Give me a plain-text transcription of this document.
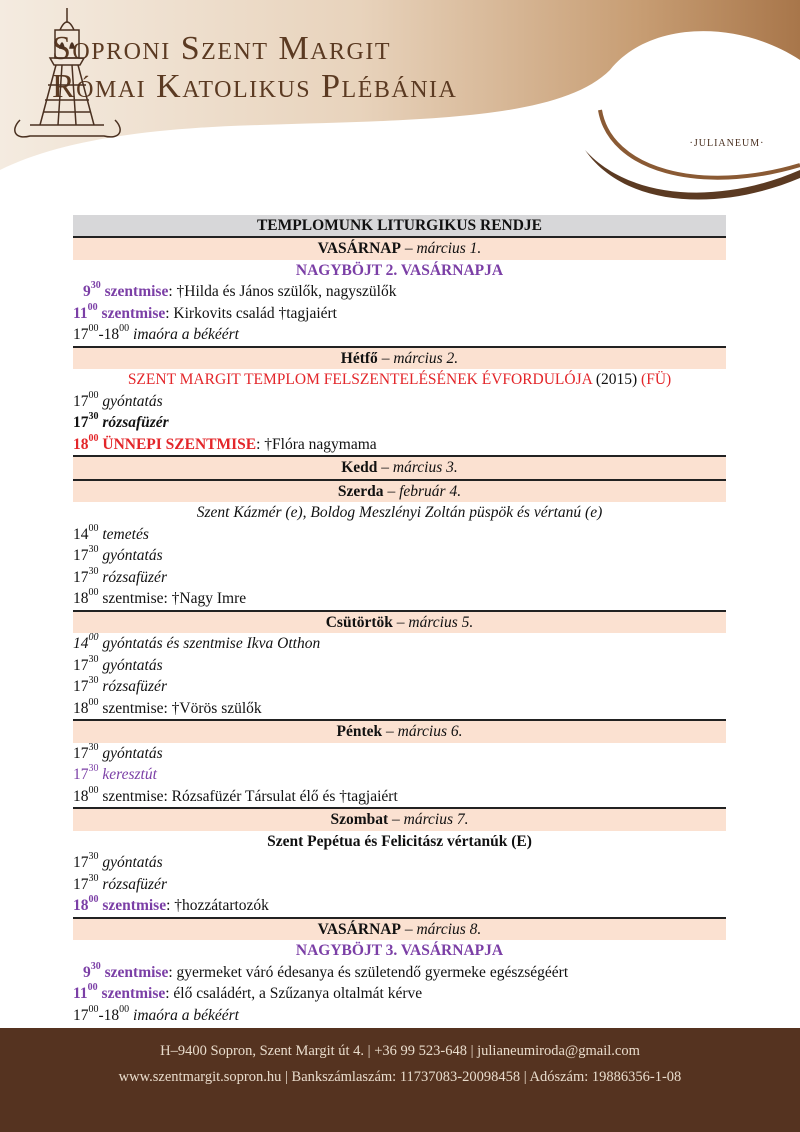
Soproni Szent Margit
Római Katolikus Plébánia
·JULIANEUM·
TEMPLOMUNK LITURGIKUS RENDJE
VASÁRNAP – március 1.
NAGYBÖJT 2. VASÁRNAPJA
$9^{30}$ szentmise: †Hilda és János szülők, nagyszülők
$11^{00}$ szentmise: Kirkovits család †tagjaiért
$17^{00}-18^{00}$ imaóra a békéért
Hétfő – március 2.
SZENT MARGIT TEMPLOM FELSZENTELÉSÉNEK ÉVFORDULÓJA (2015) (FÜ)
$17^{00}$ gyóntatás
$17^{30}$ rózsafüzér
$18^{00}$ ÜNNEPI SZENTMISE: †Flóra nagymama
Kedd – március 3.
Szerda – február 4.
Szent Kázmér (e), Boldog Meszlényi Zoltán püspök és vértanú (e)
$14^{00}$ temetés
$17^{30}$ gyóntatás
$17^{30}$ rózsafüzér
$18^{00}$ szentmise: †Nagy Imre
Csütörtök – március 5.
$14^{00}$ gyóntatás és szentmise Ikva Otthon
$17^{30}$ gyóntatás
$17^{30}$ rózsafüzér
$18^{00}$ szentmise: †Vörös szülők
Péntek – március 6.
$17^{30}$ gyóntatás
$17^{30}$ keresztút
$18^{00}$ szentmise: Rózsafüzér Társulat élő és †tagjaiért
Szombat – március 7.
Szent Pepétua és Felicitász vértanúk (E)
$17^{30}$ gyóntatás
$17^{30}$ rózsafüzér
$18^{00}$ szentmise: †hozzátartozók
VASÁRNAP – március 8.
NAGYBÖJT 3. VASÁRNAPJA
$9^{30}$ szentmise: gyermeket váró édesanya és születendő gyermeke egészségéért
$11^{00}$ szentmise: élő családért, a Szűzanya oltalmát kérve
$17^{00}-18^{00}$ imaóra a békéért
H–9400 Sopron, Szent Margit út 4. | +36 99 523-648 | julianeumiroda@gmail.com
www.szentmargit.sopron.hu | Bankszámlaszám: 11737083-20098458 | Adószám: 19886356-1-08
